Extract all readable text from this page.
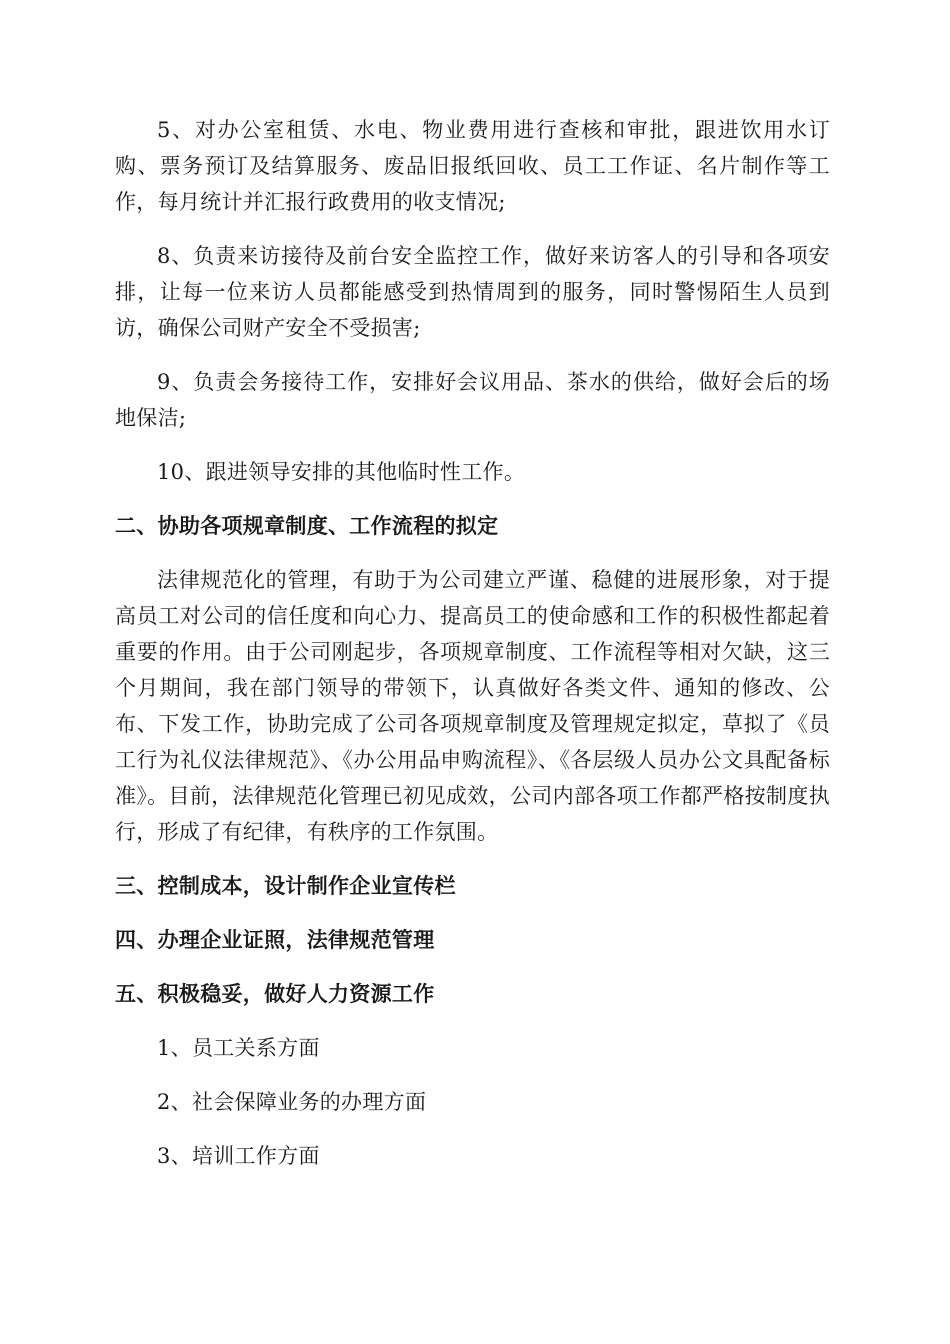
5、对办公室租赁、水电、物业费用进行查核和审批，跟进饮用水订购、票务预订及结算服务、废品旧报纸回收、员工工作证、名片制作等工作，每月统计并汇报行政费用的收支情况;

8、负责来访接待及前台安全监控工作，做好来访客人的引导和各项安排，让每一位来访人员都能感受到热情周到的服务，同时警惕陌生人员到访，确保公司财产安全不受损害;

9、负责会务接待工作，安排好会议用品、茶水的供给，做好会后的场地保洁;

10、跟进领导安排的其他临时性工作。

二、协助各项规章制度、工作流程的拟定

法律规范化的管理，有助于为公司建立严谨、稳健的进展形象，对于提高员工对公司的信任度和向心力、提高员工的使命感和工作的积极性都起着重要的作用。由于公司刚起步，各项规章制度、工作流程等相对欠缺，这三个月期间，我在部门领导的带领下，认真做好各类文件、通知的修改、公布、下发工作，协助完成了公司各项规章制度及管理规定拟定，草拟了《员工行为礼仪法律规范》、《办公用品申购流程》、《各层级人员办公文具配备标准》。目前，法律规范化管理已初见成效，公司内部各项工作都严格按制度执行，形成了有纪律，有秩序的工作氛围。

三、控制成本，设计制作企业宣传栏

四、办理企业证照，法律规范管理

五、积极稳妥，做好人力资源工作

1、员工关系方面

2、社会保障业务的办理方面

3、培训工作方面
